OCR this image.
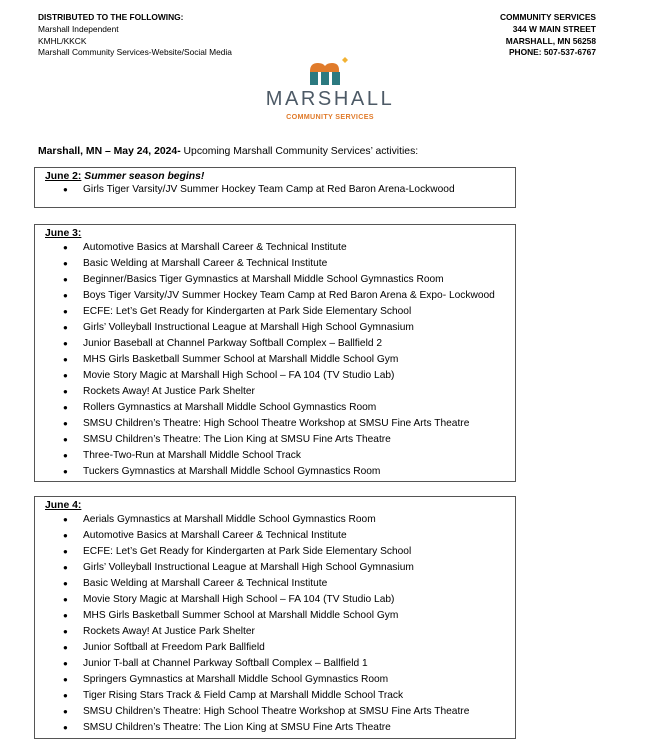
DISTRIBUTED TO THE FOLLOWING:
Marshall Independent
KMHL/KKCK
Marshall Community Services-Website/Social Media
COMMUNITY SERVICES
344 W MAIN STREET
MARSHALL, MN 56258
PHONE: 507-537-6767
MARSHALL
COMMUNITY SERVICES
Marshall, MN – May 24, 2024- Upcoming Marshall Community Services’ activities:
June 2: Summer season begins!
● Girls Tiger Varsity/JV Summer Hockey Team Camp at Red Baron Arena-Lockwood
June 3:
● Automotive Basics at Marshall Career & Technical Institute
● Basic Welding at Marshall Career & Technical Institute
● Beginner/Basics Tiger Gymnastics at Marshall Middle School Gymnastics Room
● Boys Tiger Varsity/JV Summer Hockey Team Camp at Red Baron Arena & Expo- Lockwood
● ECFE: Let’s Get Ready for Kindergarten at Park Side Elementary School
● Girls’ Volleyball Instructional League at Marshall High School Gymnasium
● Junior Baseball at Channel Parkway Softball Complex – Ballfield 2
● MHS Girls Basketball Summer School at Marshall Middle School Gym
● Movie Story Magic at Marshall High School – FA 104 (TV Studio Lab)
● Rockets Away! At Justice Park Shelter
● Rollers Gymnastics at Marshall Middle School Gymnastics Room
● SMSU Children’s Theatre: High School Theatre Workshop at SMSU Fine Arts Theatre
● SMSU Children’s Theatre: The Lion King at SMSU Fine Arts Theatre
● Three-Two-Run at Marshall Middle School Track
● Tuckers Gymnastics at Marshall Middle School Gymnastics Room
June 4:
● Aerials Gymnastics at Marshall Middle School Gymnastics Room
● Automotive Basics at Marshall Career & Technical Institute
● ECFE: Let’s Get Ready for Kindergarten at Park Side Elementary School
● Girls’ Volleyball Instructional League at Marshall High School Gymnasium
● Basic Welding at Marshall Career & Technical Institute
● Movie Story Magic at Marshall High School – FA 104 (TV Studio Lab)
● MHS Girls Basketball Summer School at Marshall Middle School Gym
● Rockets Away! At Justice Park Shelter
● Junior Softball at Freedom Park Ballfield
● Junior T-ball at Channel Parkway Softball Complex – Ballfield 1
● Springers Gymnastics at Marshall Middle School Gymnastics Room
● Tiger Rising Stars Track & Field Camp at Marshall Middle School Track
● SMSU Children’s Theatre: High School Theatre Workshop at SMSU Fine Arts Theatre
● SMSU Children’s Theatre: The Lion King at SMSU Fine Arts Theatre
